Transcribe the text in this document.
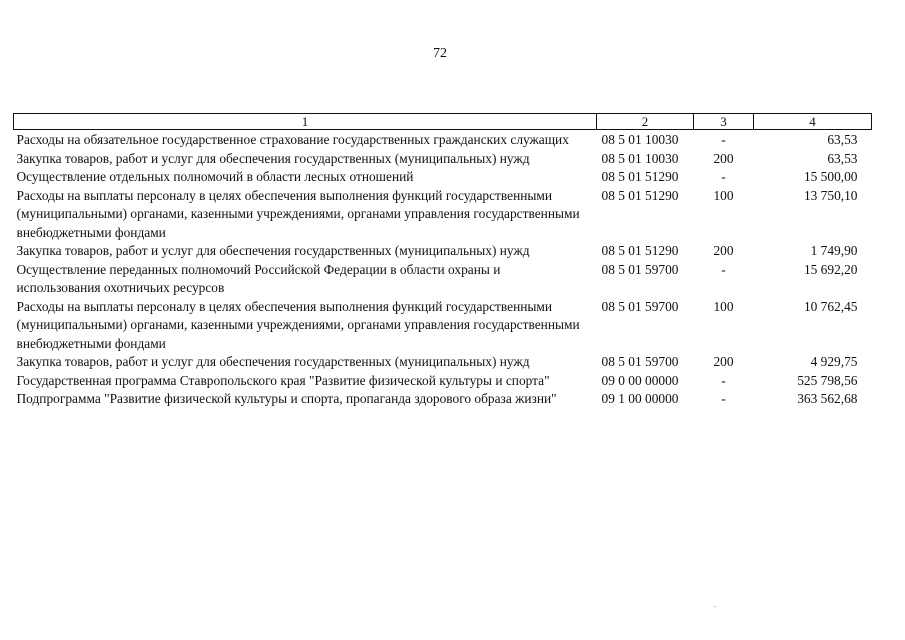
72
1	2	3	4
Расходы на обязательное государственное страхование государственных гражданских служащих	08 5 01 10030	-	63,53
Закупка товаров, работ и услуг для обеспечения государственных (муниципальных) нужд	08 5 01 10030	200	63,53
Осуществление отдельных полномочий в области лесных отношений	08 5 01 51290	-	15 500,00
Расходы на выплаты персоналу в целях обеспечения выполнения функций государственными (муниципальными) органами, казенными учреждениями, органами управления государственными внебюджетными фондами	08 5 01 51290	100	13 750,10
Закупка товаров, работ и услуг для обеспечения государственных (муниципальных) нужд	08 5 01 51290	200	1 749,90
Осуществление переданных полномочий Российской Федерации в области охраны и использования охотничьих ресурсов	08 5 01 59700	-	15 692,20
Расходы на выплаты персоналу в целях обеспечения выполнения функций государственными (муниципальными) органами, казенными учреждениями, органами управления государственными внебюджетными фондами	08 5 01 59700	100	10 762,45
Закупка товаров, работ и услуг для обеспечения государственных (муниципальных) нужд	08 5 01 59700	200	4 929,75
Государственная программа Ставропольского края "Развитие физической культуры и спорта"	09 0 00 00000	-	525 798,56
Подпрограмма "Развитие физической культуры и спорта, пропаганда здорового образа жизни"	09 1 00 00000	-	363 562,68
